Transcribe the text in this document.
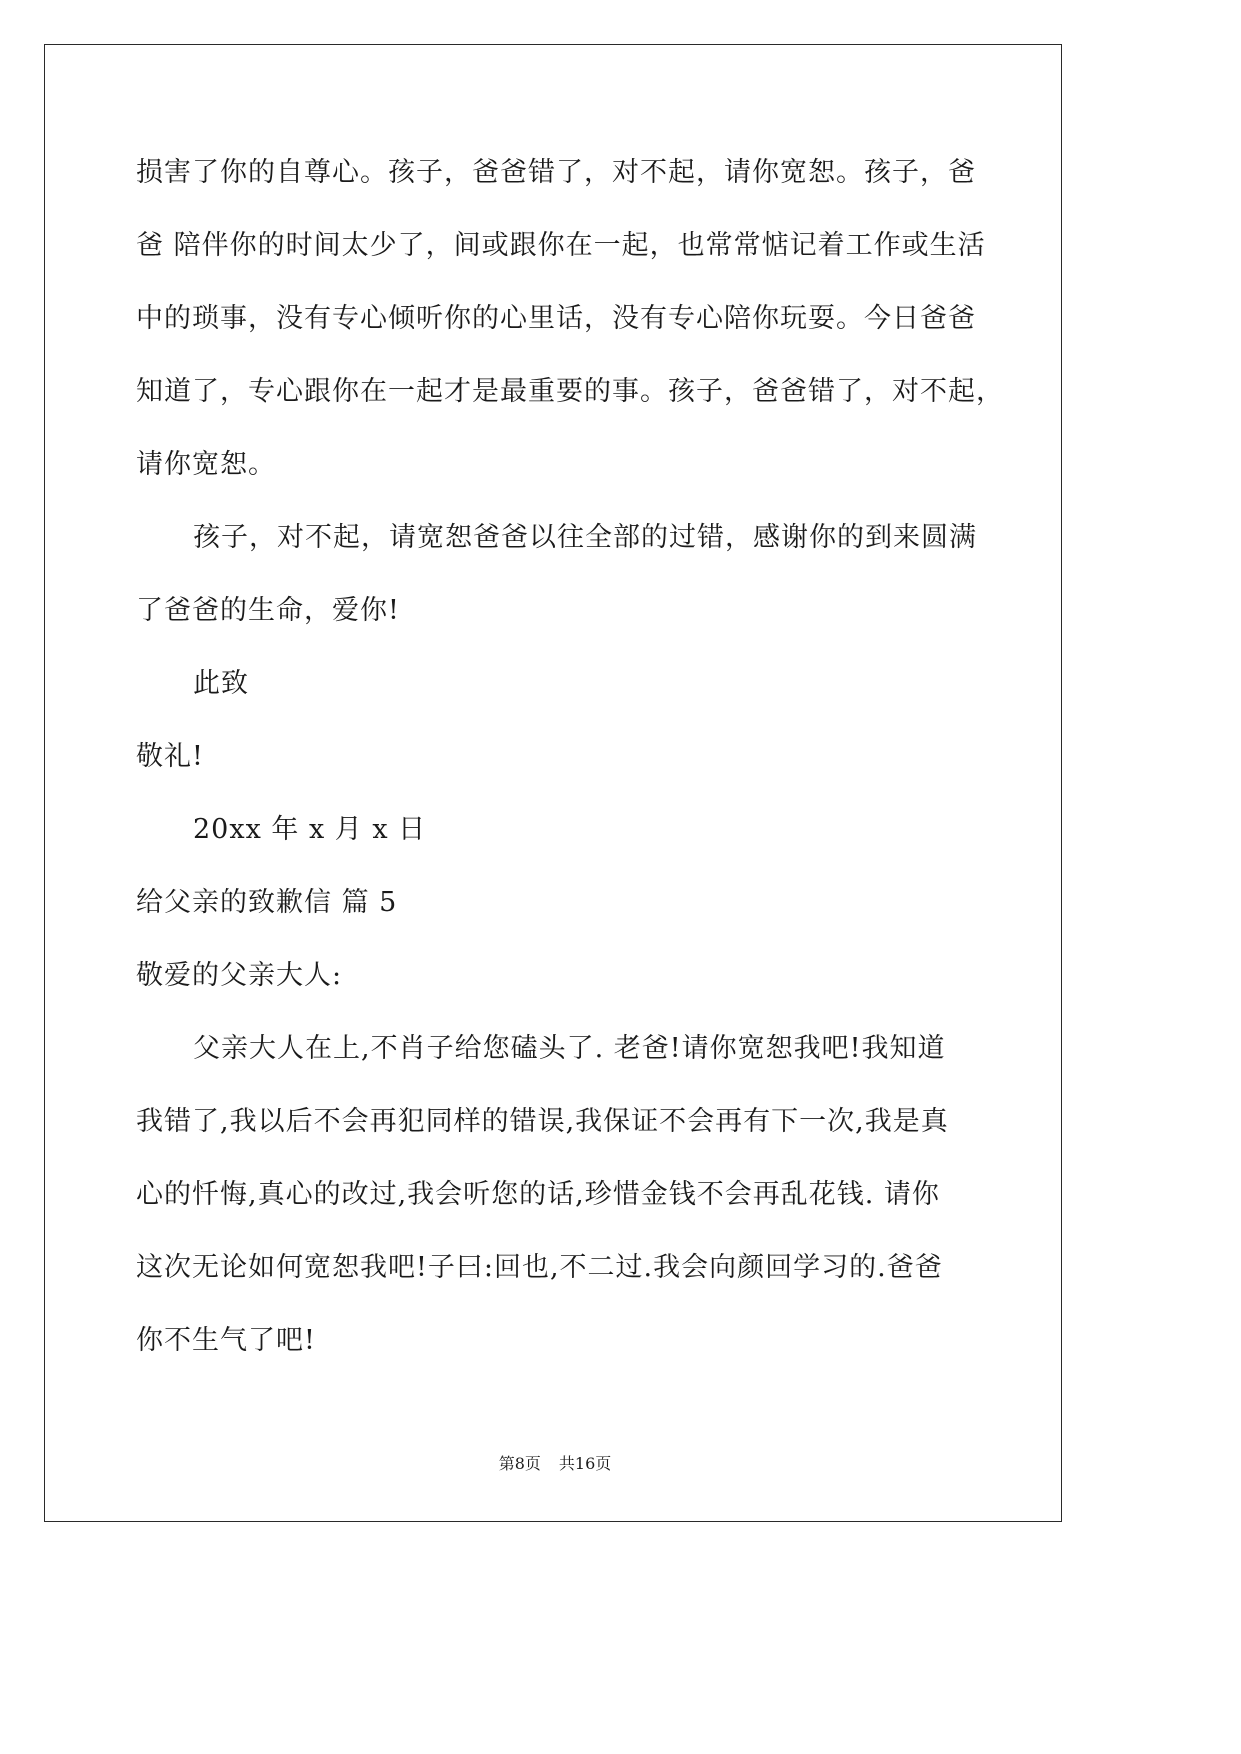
损害了你的自尊心。孩子，爸爸错了，对不起，请你宽恕。孩子，爸
爸 陪伴你的时间太少了，间或跟你在一起，也常常惦记着工作或生活
中的琐事，没有专心倾听你的心里话，没有专心陪你玩耍。今日爸爸
知道了，专心跟你在一起才是最重要的事。孩子，爸爸错了，对不起，
请你宽恕。
孩子，对不起，请宽恕爸爸以往全部的过错，感谢你的到来圆满
了爸爸的生命，爱你!
此致
敬礼!
20xx 年 x 月 x 日
给父亲的致歉信 篇 5
敬爱的父亲大人:
父亲大人在上,不肖子给您磕头了. 老爸!请你宽恕我吧!我知道
我错了,我以后不会再犯同样的错误,我保证不会再有下一次,我是真
心的忏悔,真心的改过,我会听您的话,珍惜金钱不会再乱花钱. 请你
这次无论如何宽恕我吧!子曰:回也,不二过.我会向颜回学习的.爸爸
你不生气了吧!
第8页 共16页
